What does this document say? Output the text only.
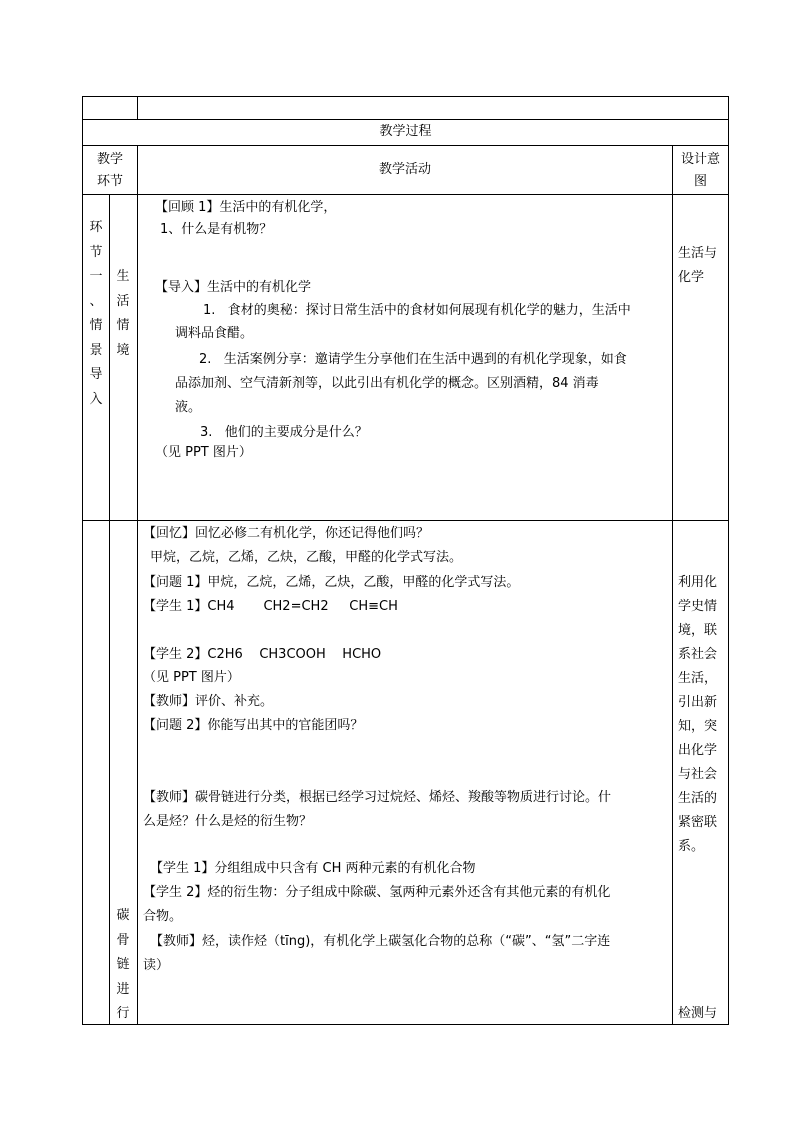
教学过程
教学
环节
教学活动
设计意
图
环
节
一
、
情
景
导
入
生
活
情
境
【回顾 1】生活中的有机化学，
1、什么是有机物？
【导入】生活中的有机化学
1.   食材的奥秘：探讨日常生活中的食材如何展现有机化学的魅力，生活中
调料品食醋。
2.   生活案例分享：邀请学生分享他们在生活中遇到的有机化学现象，如食
品添加剂、空气清新剂等，以此引出有机化学的概念。区别酒精，84 消毒
液。
3.   他们的主要成分是什么？
（见 PPT 图片）
生活与
化学
碳
骨
链
进
行
【回忆】回忆必修二有机化学，你还记得他们吗？
甲烷，乙烷，乙烯，乙炔，乙酸，甲醛的化学式写法。
【问题 1】甲烷，乙烷，乙烯，乙炔，乙酸，甲醛的化学式写法。
【学生 1】CH4       CH2=CH2     CH≡CH
【学生 2】C2H6    CH3COOH    HCHO
（见 PPT 图片）
【教师】评价、补充。
【问题 2】你能写出其中的官能团吗？
【教师】碳骨链进行分类，根据已经学习过烷烃、烯烃、羧酸等物质进行讨论。什
么是烃？什么是烃的衍生物？
【学生 1】分组组成中只含有 CH 两种元素的有机化合物
【学生 2】烃的衍生物：分子组成中除碳、氢两种元素外还含有其他元素的有机化
合物。
【教师】烃，读作烃（tīng)，有机化学上碳氢化合物的总称（“碳”、“氢”二字连
读）
利用化
学史情
境，联
系社会
生活，
引出新
知，突
出化学
与社会
生活的
紧密联
系。
检测与
